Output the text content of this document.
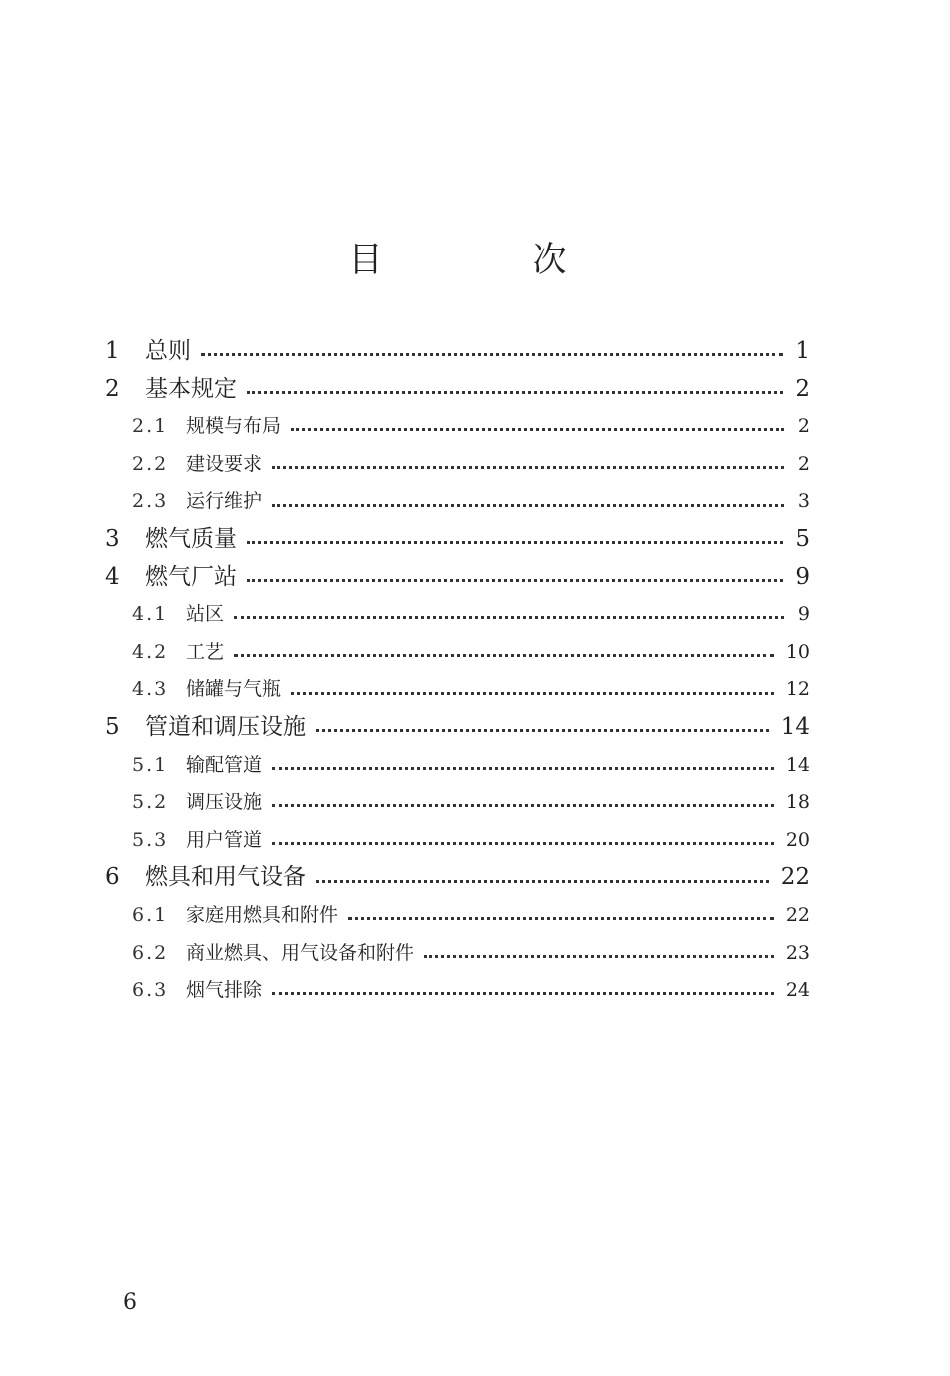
目　次
1	总则	1
2	基本规定	2
2.1 规模与布局	2
2.2 建设要求	2
2.3 运行维护	3
3	燃气质量	5
4	燃气厂站	9
4.1 站区	9
4.2 工艺	10
4.3 储罐与气瓶	12
5	管道和调压设施	14
5.1 输配管道	14
5.2 调压设施	18
5.3 用户管道	20
6	燃具和用气设备	22
6.1 家庭用燃具和附件	22
6.2 商业燃具、用气设备和附件	23
6.3 烟气排除	24
6
